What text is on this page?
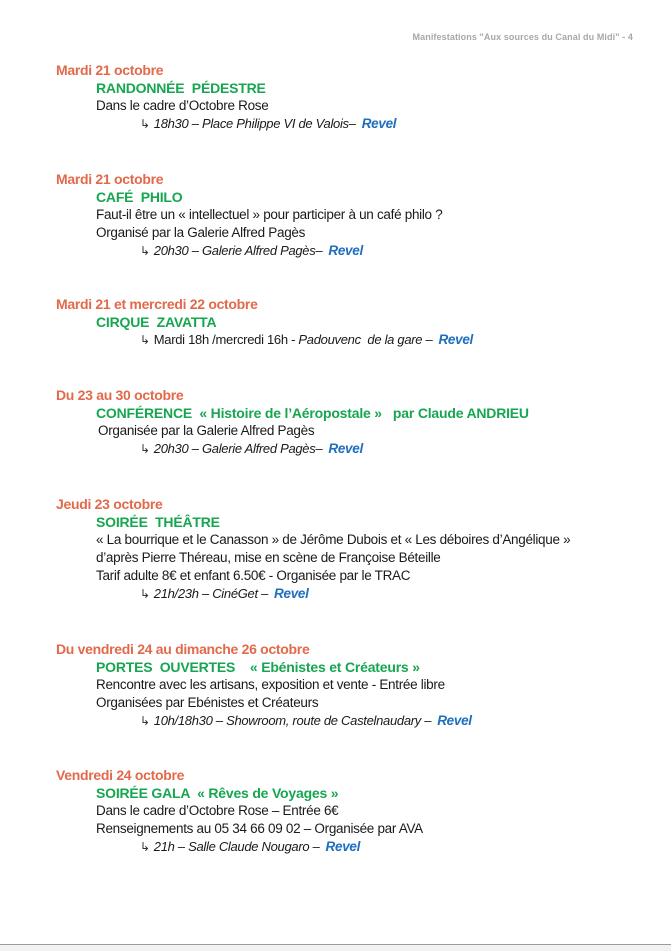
Manifestations "Aux sources du Canal du Midi" - 4
Mardi 21 octobre
RANDONNÉE  PÉDESTRE
Dans le cadre d’Octobre Rose
↳ 18h30 – Place Philippe VI de Valois– Revel
Mardi 21 octobre
CAFÉ  PHILO
Faut-il être un « intellectuel » pour participer à un café philo ?
Organisé par la Galerie Alfred Pagès
↳ 20h30 – Galerie Alfred Pagès– Revel
Mardi 21 et mercredi 22 octobre
CIRQUE  ZAVATTA
↳ Mardi 18h /mercredi 16h - Padouvenc  de la gare – Revel
Du 23 au 30 octobre
CONFÉRENCE  « Histoire de l’Aéropostale »   par Claude ANDRIEU
Organisée par la Galerie Alfred Pagès
↳ 20h30 – Galerie Alfred Pagès– Revel
Jeudi 23 octobre
SOIRÉE  THÉÂTRE
« La bourrique et le Canasson » de Jérôme Dubois et « Les déboires d’Angélique »
d’après Pierre Théreau, mise en scène de Françoise Béteille
Tarif adulte 8€ et enfant 6.50€ - Organisée par le TRAC
↳ 21h/23h – CinéGet – Revel
Du vendredi 24 au dimanche 26 octobre
PORTES  OUVERTES    « Ebénistes et Créateurs »
Rencontre avec les artisans, exposition et vente - Entrée libre
Organisées par Ebénistes et Créateurs
↳ 10h/18h30 – Showroom, route de Castelnaudary – Revel
Vendredi 24 octobre
SOIRÉE GALA  « Rêves de Voyages »
Dans le cadre d’Octobre Rose – Entrée 6€
Renseignements au 05 34 66 09 02 – Organisée par AVA
↳ 21h – Salle Claude Nougaro – Revel
